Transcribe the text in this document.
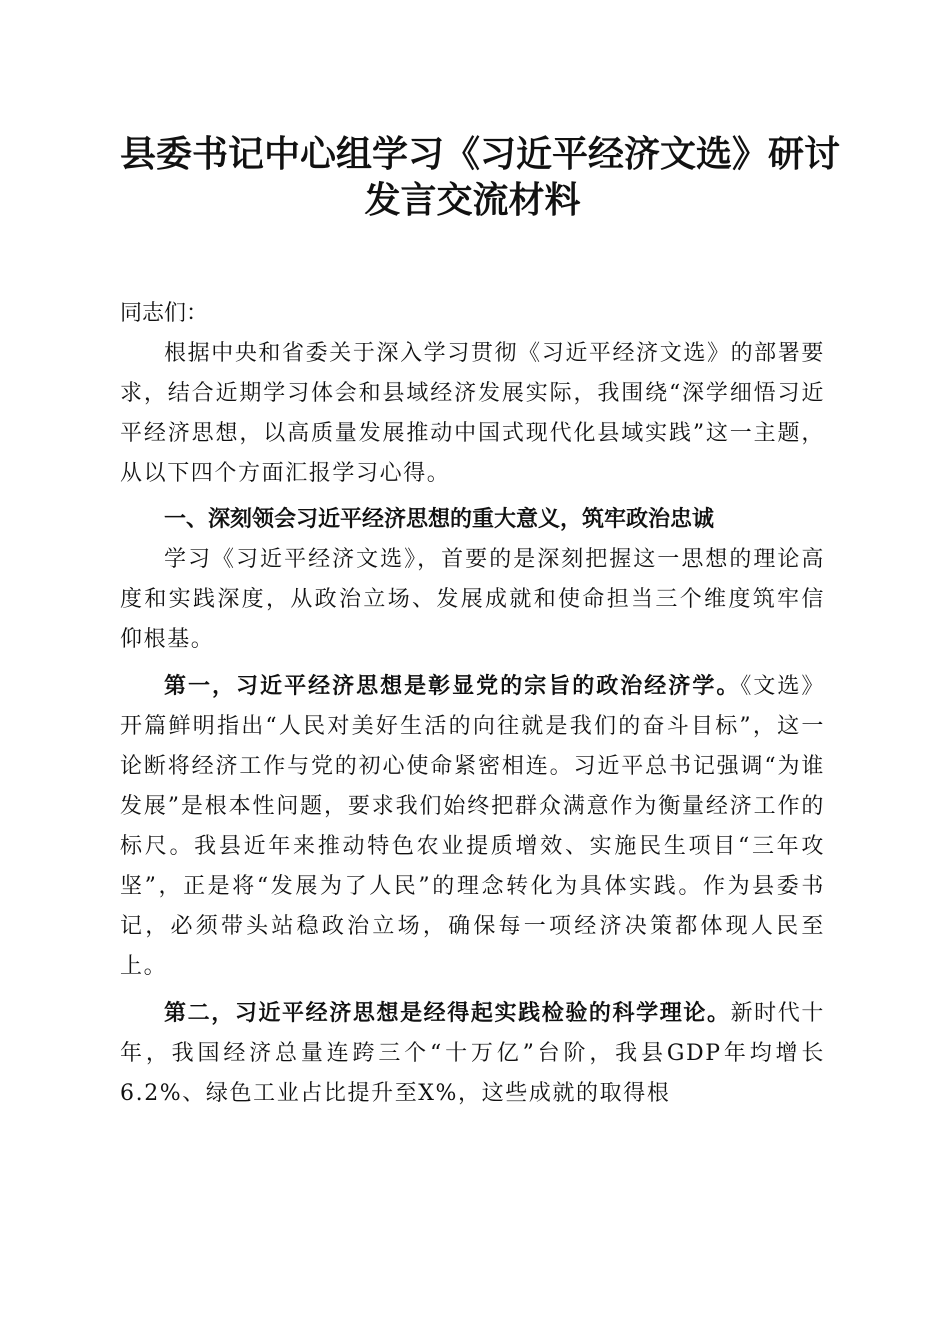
县委书记中心组学习《习近平经济文选》研讨
发言交流材料
同志们：

根据中央和省委关于深入学习贯彻《习近平经济文选》的部署要求，结合近期学习体会和县域经济发展实际，我围绕“深学细悟习近平经济思想，以高质量发展推动中国式现代化县域实践”这一主题，从以下四个方面汇报学习心得。

一、深刻领会习近平经济思想的重大意义，筑牢政治忠诚

学习《习近平经济文选》，首要的是深刻把握这一思想的理论高度和实践深度，从政治立场、发展成就和使命担当三个维度筑牢信仰根基。

第一，习近平经济思想是彰显党的宗旨的政治经济学。《文选》开篇鲜明指出“人民对美好生活的向往就是我们的奋斗目标”，这一论断将经济工作与党的初心使命紧密相连。习近平总书记强调“为谁发展”是根本性问题，要求我们始终把群众满意作为衡量经济工作的标尺。我县近年来推动特色农业提质增效、实施民生项目“三年攻坚”，正是将“发展为了人民”的理念转化为具体实践。作为县委书记，必须带头站稳政治立场，确保每一项经济决策都体现人民至上。

第二，习近平经济思想是经得起实践检验的科学理论。新时代十年，我国经济总量连跨三个“十万亿”台阶，我县GDP年均增长6.2%、绿色工业占比提升至X%，这些成就的取得根
